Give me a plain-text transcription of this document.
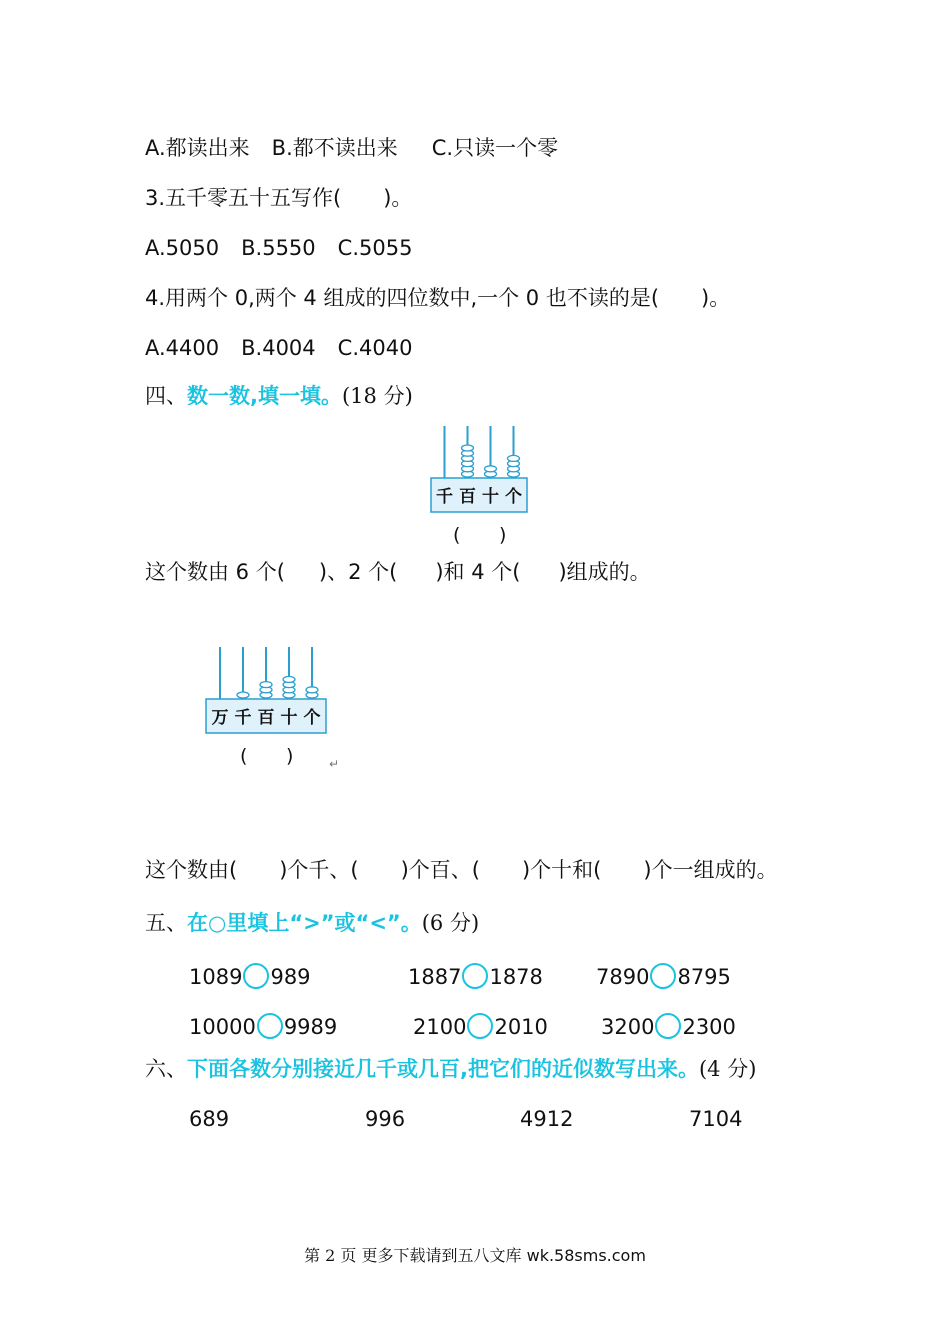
A.都读出来 B.都不读出来 C.只读一个零
3.五千零五十五写作( )。
A.5050 B.5550 C.5055
4.用两个 0,两个 4 组成的四位数中,一个 0 也不读的是( )。
A.4400 B.4004 C.4040
四、数一数,填一填。(18 分)
千 百 十 个
( )
这个数由 6 个( )、2 个( )和 4 个( )组成的。
万 千 百 十 个
( )	↵
这个数由( )个千、( )个百、( )个十和( )个一组成的。
五、在○里填上“>”或“<”。(6 分)
1089 989	1887 1878	7890 8795
10000 9989	2100 2010	3200 2300
六、下面各数分别接近几千或几百,把它们的近似数写出来。(4 分)
689	996	4912	7104
第 2 页 更多下载请到五八文库 wk.58sms.com
